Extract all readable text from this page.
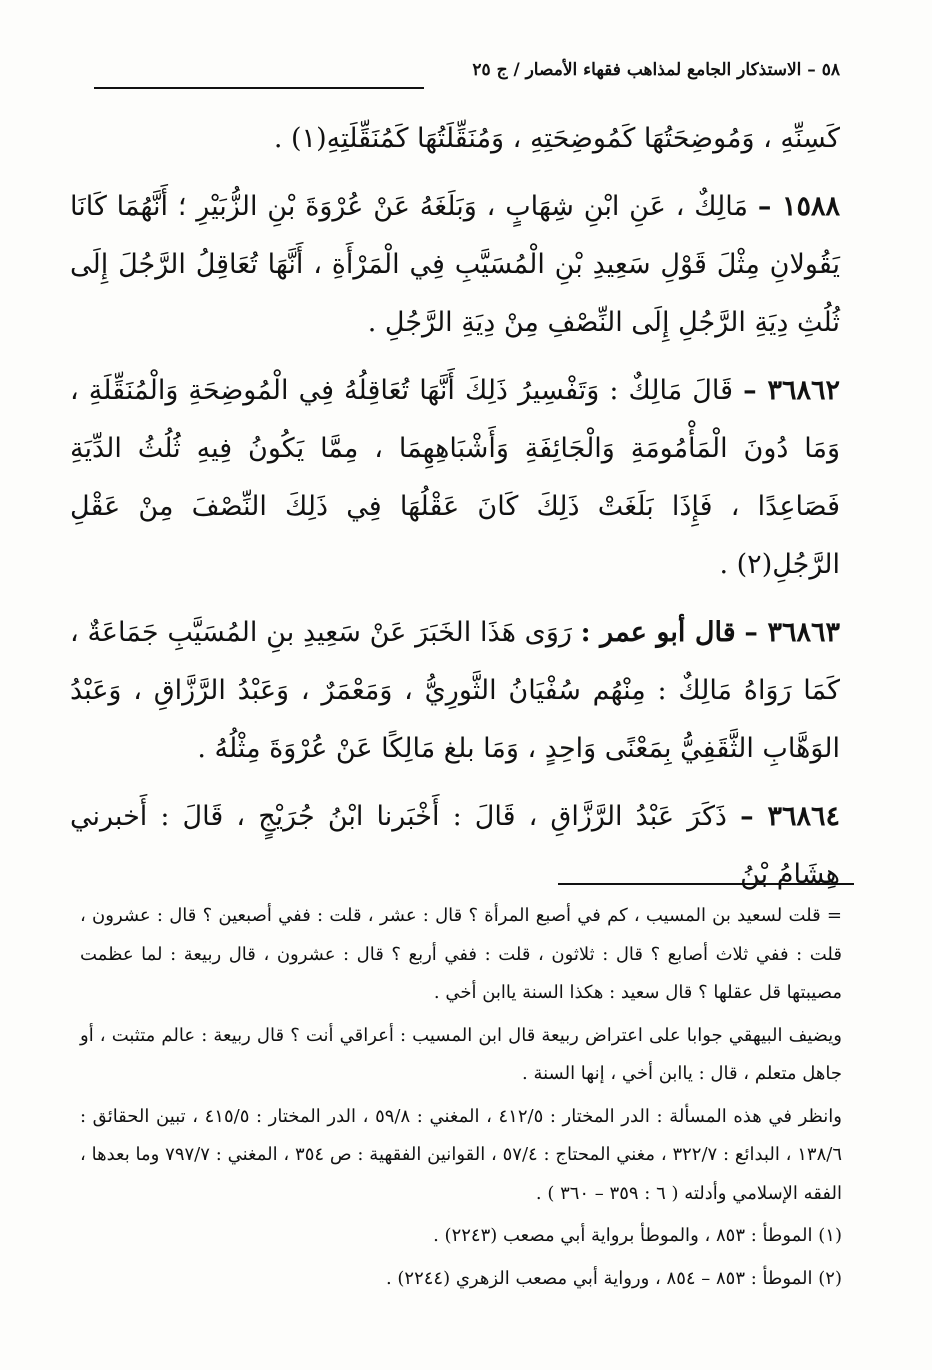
٥٨ – الاستذكار الجامع لمذاهب فقهاء الأمصار / ج ٢٥

كَسِنِّهِ ، وَمُوضِحَتُهَا كَمُوضِحَتِهِ ، وَمُنَقِّلَتُهَا كَمُنَقِّلَتِهِ(١) .

١٥٨٨ – مَالِكٌ ، عَنِ ابْنِ شِهَابٍ ، وَبَلَغَهُ عَنْ عُرْوَةَ بْنِ الزُّبَيْرِ ؛ أَنَّهُمَا كَانَا يَقُولانِ مِثْلَ قَوْلِ سَعِيدِ بْنِ الْمُسَيَّبِ فِي الْمَرْأَةِ ، أَنَّهَا تُعَاقِلُ الرَّجُلَ إِلَى ثُلُثِ دِيَةِ الرَّجُلِ إِلَى النِّصْفِ مِنْ دِيَةِ الرَّجُلِ .

٣٦٨٦٢ – قَالَ مَالِكٌ : وَتَفْسِيرُ ذَلِكَ أَنَّهَا تُعَاقِلُهُ فِي الْمُوضِحَةِ وَالْمُنَقِّلَةِ ، وَمَا دُونَ الْمَأْمُومَةِ وَالْجَائِفَةِ وَأَشْبَاهِهِمَا ، مِمَّا يَكُونُ فِيهِ ثُلُثُ الدِّيَةِ فَصَاعِدًا ، فَإِذَا بَلَغَتْ ذَلِكَ كَانَ عَقْلُهَا فِي ذَلِكَ النِّصْفَ مِنْ عَقْلِ الرَّجُلِ(٢) .

٣٦٨٦٣ – قال أبو عمر : رَوَى هَذَا الخَبَرَ عَنْ سَعِيدِ بنِ المُسَيَّبِ جَمَاعَةٌ ، كَمَا رَوَاهُ مَالِكٌ : مِنْهُم سُفْيَانُ الثَّورِيُّ ، وَمَعْمَرٌ ، وَعَبْدُ الرَّزَّاقِ ، وَعَبْدُ الوَهَّابِ الثَّقَفِيُّ بِمَعْنًى وَاحِدٍ ، وَمَا بلغ مَالِكًا عَنْ عُرْوَةَ مِثْلُهُ .

٣٦٨٦٤ – ذَكَرَ عَبْدُ الرَّزَّاقِ ، قَالَ : أَخْبَرنا ابْنُ جُرَيْجٍ ، قَالَ : أَخبرني هِشَامُ بْنُ

= قلت لسعيد بن المسيب ، كم في أصبع المرأة ؟ قال : عشر ، قلت : ففي أصبعين ؟ قال : عشرون ، قلت : ففي ثلاث أصابع ؟ قال : ثلاثون ، قلت : ففي أربع ؟ قال : عشرون ، قال ربيعة : لما عظمت مصيبتها قل عقلها ؟ قال سعيد : هكذا السنة ياابن أخي .

ويضيف البيهقي جوابا على اعتراض ربيعة قال ابن المسيب : أعراقي أنت ؟ قال ربيعة : عالم متثبت ، أو جاهل متعلم ، قال : ياابن أخي ، إنها السنة .

وانظر في هذه المسألة : الدر المختار : ٤١٢/٥ ، المغني : ٥٩/٨ ، الدر المختار : ٤١٥/٥ ، تبين الحقائق : ١٣٨/٦ ، البدائع : ٣٢٢/٧ ، مغني المحتاج : ٥٧/٤ ، القوانين الفقهية : ص ٣٥٤ ، المغني : ٧٩٧/٧ وما بعدها ، الفقه الإسلامي وأدلته ( ٦ : ٣٥٩ – ٣٦٠ ) .

(١) الموطأ : ٨٥٣ ، والموطأ برواية أبي مصعب (٢٢٤٣) .

(٢) الموطأ : ٨٥٣ – ٨٥٤ ، ورواية أبي مصعب الزهري (٢٢٤٤) .
